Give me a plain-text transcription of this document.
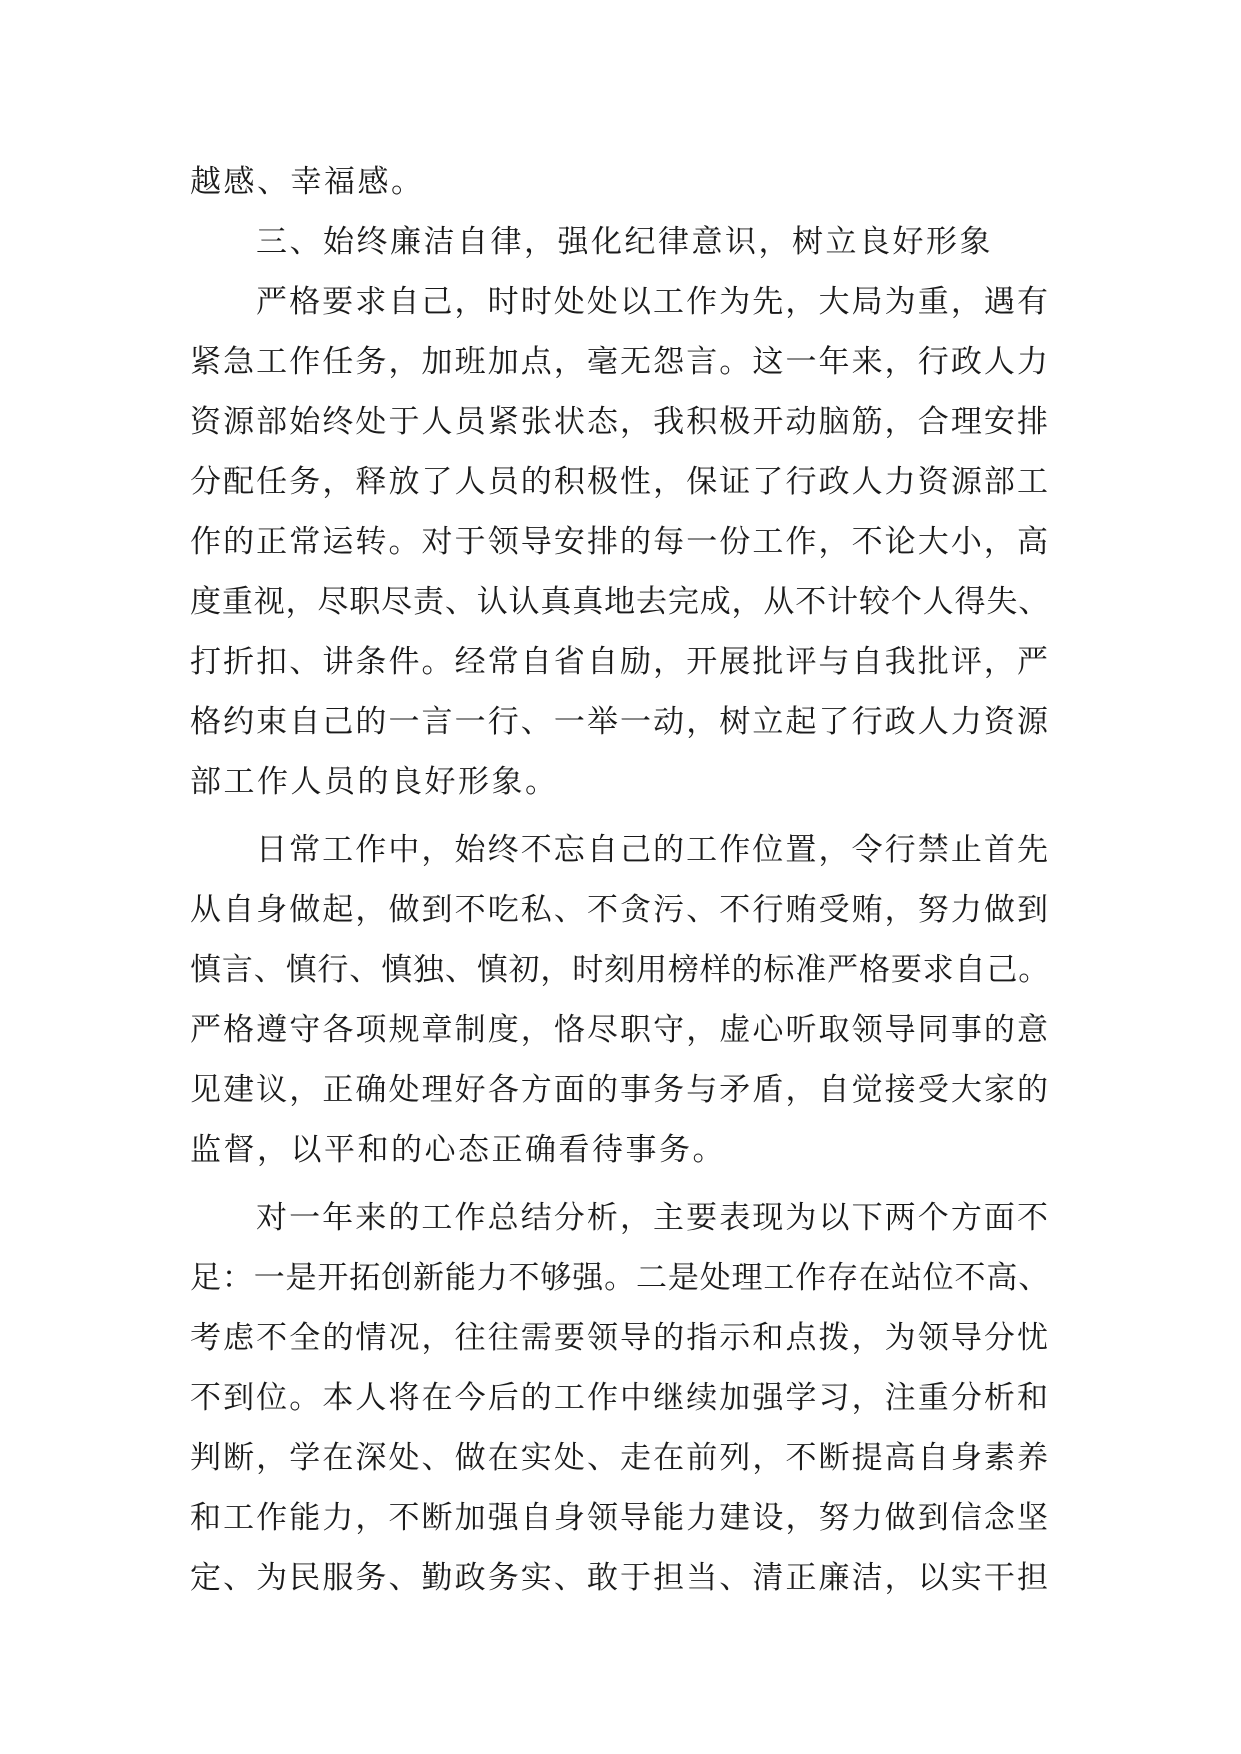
越感、幸福感。
三、始终廉洁自律，强化纪律意识，树立良好形象
严格要求自己，时时处处以工作为先，大局为重，遇有
紧急工作任务，加班加点，毫无怨言。这一年来，行政人力
资源部始终处于人员紧张状态，我积极开动脑筋，合理安排
分配任务，释放了人员的积极性，保证了行政人力资源部工
作的正常运转。对于领导安排的每一份工作，不论大小，高
度重视，尽职尽责、认认真真地去完成，从不计较个人得失、
打折扣、讲条件。经常自省自励，开展批评与自我批评，严
格约束自己的一言一行、一举一动，树立起了行政人力资源
部工作人员的良好形象。
日常工作中，始终不忘自己的工作位置，令行禁止首先
从自身做起，做到不吃私、不贪污、不行贿受贿，努力做到
慎言、慎行、慎独、慎初，时刻用榜样的标准严格要求自己。
严格遵守各项规章制度，恪尽职守，虚心听取领导同事的意
见建议，正确处理好各方面的事务与矛盾，自觉接受大家的
监督，以平和的心态正确看待事务。
对一年来的工作总结分析，主要表现为以下两个方面不
足：一是开拓创新能力不够强。二是处理工作存在站位不高、
考虑不全的情况，往往需要领导的指示和点拨，为领导分忧
不到位。本人将在今后的工作中继续加强学习，注重分析和
判断，学在深处、做在实处、走在前列，不断提高自身素养
和工作能力，不断加强自身领导能力建设，努力做到信念坚
定、为民服务、勤政务实、敢于担当、清正廉洁，以实干担
